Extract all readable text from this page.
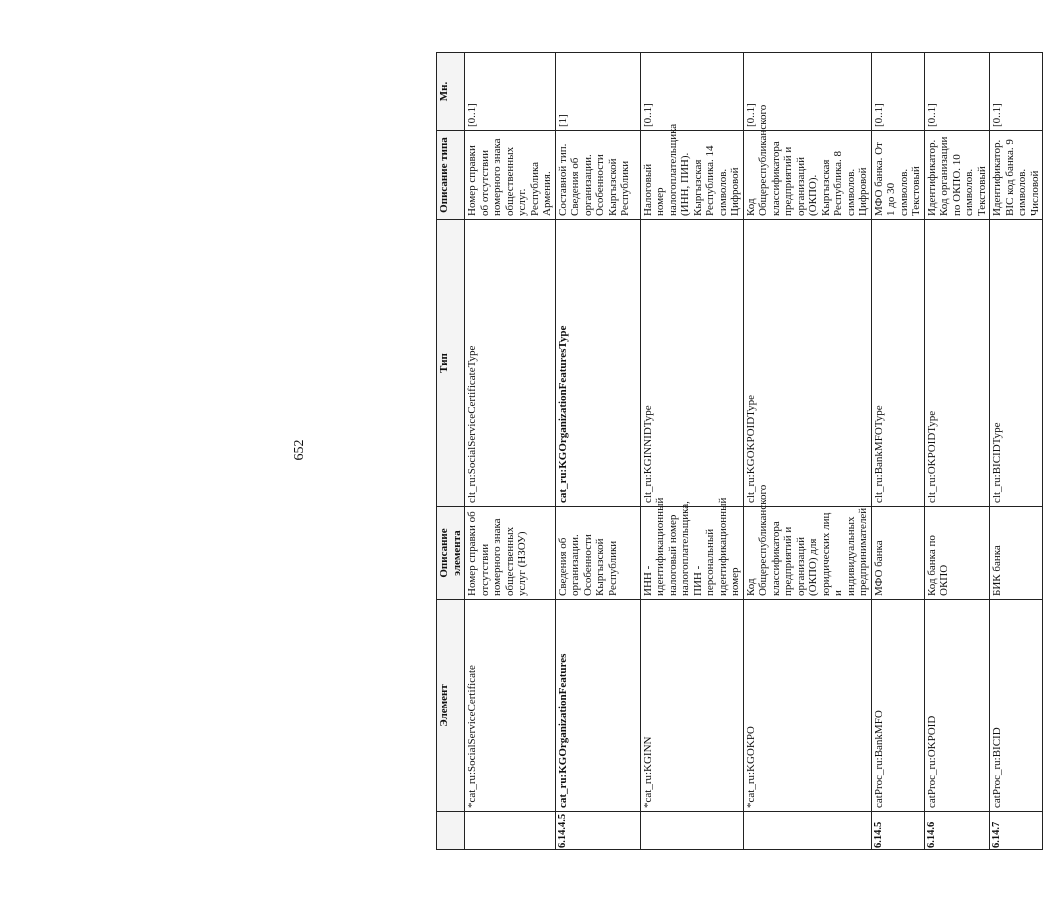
652
	Элемент	Описание элемента	Тип	Описание типа	Мн.
	*cat_ru:SocialServiceCertificate	Номер справки об отсутствии номерного знака общественных услуг (НЗОУ)	clt_ru:SocialServiceCertificateType	Номер справки об отсутствии номерного знака общественных услуг. Республика Армения.	[0..1]
6.14.4.5	cat_ru:KGOrganizationFeatures	Сведения об организации. Особенности Кыргызской Республики	cat_ru:KGOrganizationFeaturesType	Составной тип. Сведения об организации. Особенности Кыргызской Республики	[1]
	*cat_ru:KGINN	ИНН - идентификационный налоговый номер налогоплательщика, ПИН - персональный идентификационный номер	clt_ru:KGINNIDType	Налоговый номер налогоплательщика (ИНН, ПИН). Кыргызская Республика. 14 символов. Цифровой	[0..1]
	*cat_ru:KGOKPO	Код Общереспубликанского классификатора предприятий и организаций (ОКПО) для юридических лиц и индивидуальных предпринимателей	clt_ru:KGOKPOIDType	Код Общереспубликанского классификатора предприятий и организаций (ОКПО). Кыргызская Республика. 8 символов. Цифровой	[0..1]
6.14.5	catProc_ru:BankMFO	МФО банка	clt_ru:BankMFOType	МФО банка. От 1 до 30 символов. Текстовый	[0..1]
6.14.6	catProc_ru:OKPOID	Код банка по ОКПО	clt_ru:OKPOIDType	Идентификатор. Код организации по ОКПО. 10 символов. Текстовый	[0..1]
6.14.7	catProc_ru:BICID	БИК банка	clt_ru:BICIDType	Идентификатор. BIC код банка. 9 символов. Числовой	[0..1]
